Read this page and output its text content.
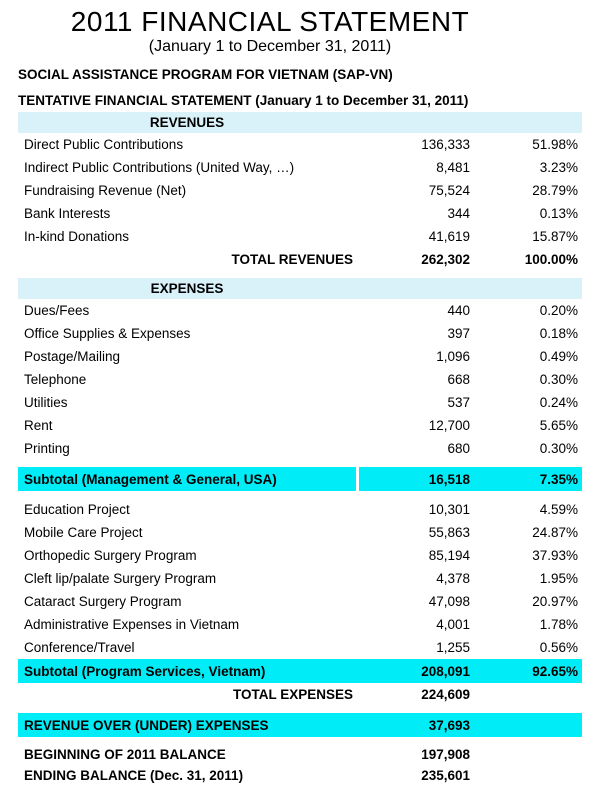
2011 FINANCIAL STATEMENT
(January 1 to December 31, 2011)
SOCIAL ASSISTANCE PROGRAM FOR VIETNAM (SAP-VN)
TENTATIVE FINANCIAL STATEMENT (January 1 to December 31, 2011)
REVENUES
Direct Public Contributions	136,333	51.98%
Indirect Public Contributions (United Way, …)	8,481	3.23%
Fundraising Revenue (Net)	75,524	28.79%
Bank Interests	344	0.13%
In-kind Donations	41,619	15.87%
TOTAL REVENUES	262,302	100.00%
EXPENSES
Dues/Fees	440	0.20%
Office Supplies & Expenses	397	0.18%
Postage/Mailing	1,096	0.49%
Telephone	668	0.30%
Utilities	537	0.24%
Rent	12,700	5.65%
Printing	680	0.30%
Subtotal (Management & General, USA)	16,518	7.35%
Education Project	10,301	4.59%
Mobile Care Project	55,863	24.87%
Orthopedic Surgery Program	85,194	37.93%
Cleft lip/palate Surgery Program	4,378	1.95%
Cataract Surgery Program	47,098	20.97%
Administrative Expenses in Vietnam	4,001	1.78%
Conference/Travel	1,255	0.56%
Subtotal (Program Services, Vietnam)	208,091	92.65%
TOTAL EXPENSES	224,609
REVENUE OVER (UNDER) EXPENSES	37,693
BEGINNING OF 2011 BALANCE	197,908
ENDING BALANCE (Dec. 31, 2011)	235,601
